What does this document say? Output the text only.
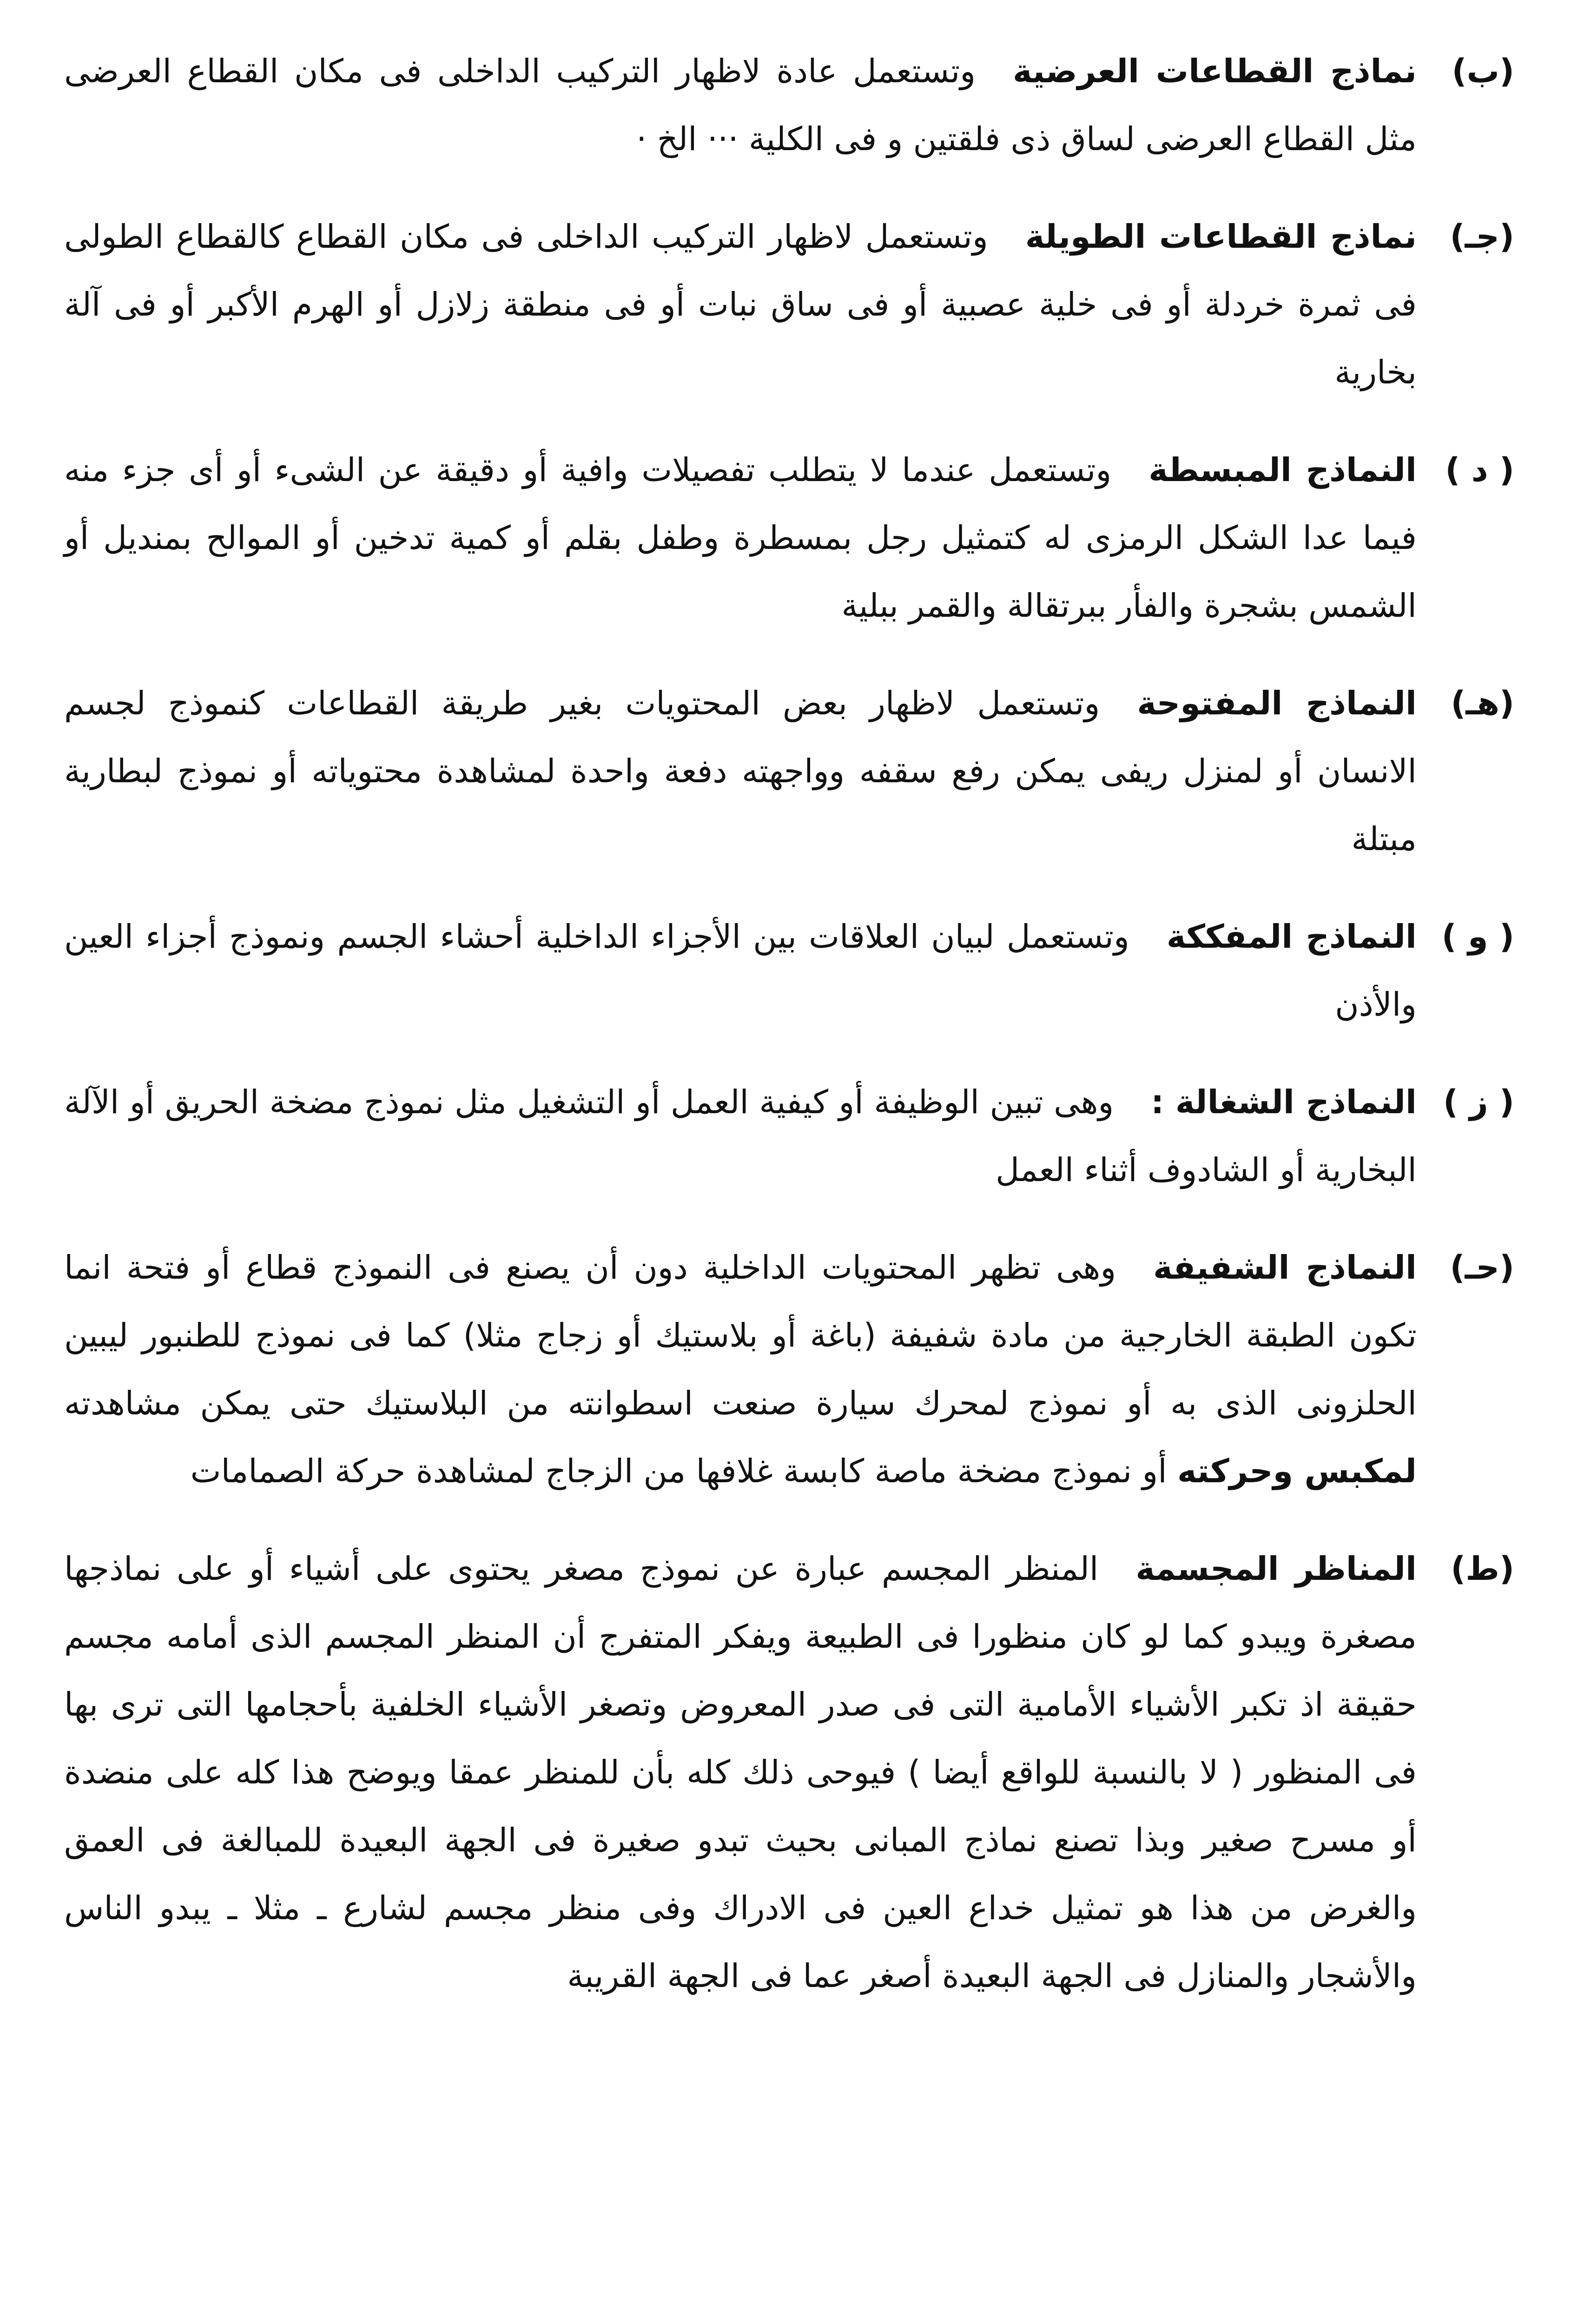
(ب)
نماذج القطاعات العرضيةوتستعمل عادة لاظهار التركيب الداخلى فى مكان القطاع العرضى مثل القطاع العرضى لساق ذى فلقتين و فى الكلية ··· الخ ·
(جـ)
نماذج القطاعات الطويلةوتستعمل لاظهار التركيب الداخلى فى مكان القطاع كالقطاع الطولى فى ثمرة خردلة أو فى خلية عصبية أو فى ساق نبات أو فى منطقة زلازل أو الهرم الأكبر أو فى آلة بخارية
( د )
النماذج المبسطةوتستعمل عندما لا يتطلب تفصيلات وافية أو دقيقة عن الشىء أو أى جزء منه فيما عدا الشكل الرمزى له كتمثيل رجل بمسطرة وطفل بقلم أو كمية تدخين أو الموالح بمنديل أو الشمس بشجرة والفأر ببرتقالة والقمر ببلية
(هـ)
النماذج المفتوحةوتستعمل لاظهار بعض المحتويات بغير طريقة القطاعات كنموذج لجسم الانسان أو لمنزل ريفى يمكن رفع سقفه وواجهته دفعة واحدة لمشاهدة محتوياته أو نموذج لبطارية مبتلة
( و )
النماذج المفككةوتستعمل لبيان العلاقات بين الأجزاء الداخلية أحشاء الجسم ونموذج أجزاء العين والأذن
( ز )
النماذج الشغالة :وهى تبين الوظيفة أو كيفية العمل أو التشغيل مثل نموذج مضخة الحريق أو الآلة البخارية أو الشادوف أثناء العمل
(حـ)
النماذج الشفيفةوهى تظهر المحتويات الداخلية دون أن يصنع فى النموذج قطاع أو فتحة انما تكون الطبقة الخارجية من مادة شفيفة (باغة أو بلاستيك أو زجاج مثلا) كما فى نموذج للطنبور ليبين الحلزونى الذى به أو نموذج لمحرك سيارة صنعت اسطوانته من البلاستيك حتى يمكن مشاهدته لمكبس وحركته أو نموذج مضخة ماصة كابسة غلافها من الزجاج لمشاهدة حركة الصمامات
(ط)
المناظر المجسمةالمنظر المجسم عبارة عن نموذج مصغر يحتوى على أشياء أو على نماذجها مصغرة ويبدو كما لو كان منظورا فى الطبيعة ويفكر المتفرج أن المنظر المجسم الذى أمامه مجسم حقيقة اذ تكبر الأشياء الأمامية التى فى صدر المعروض وتصغر الأشياء الخلفية بأحجامها التى ترى بها فى المنظور ( لا بالنسبة للواقع أيضا ) فيوحى ذلك كله بأن للمنظر عمقا ويوضح هذا كله على منضدة أو مسرح صغير وبذا تصنع نماذج المبانى بحيث تبدو صغيرة فى الجهة البعيدة للمبالغة فى العمق والغرض من هذا هو تمثيل خداع العين فى الادراك وفى منظر مجسم لشارع ـ مثلا ـ يبدو الناس والأشجار والمنازل فى الجهة البعيدة أصغر عما فى الجهة القريبة
